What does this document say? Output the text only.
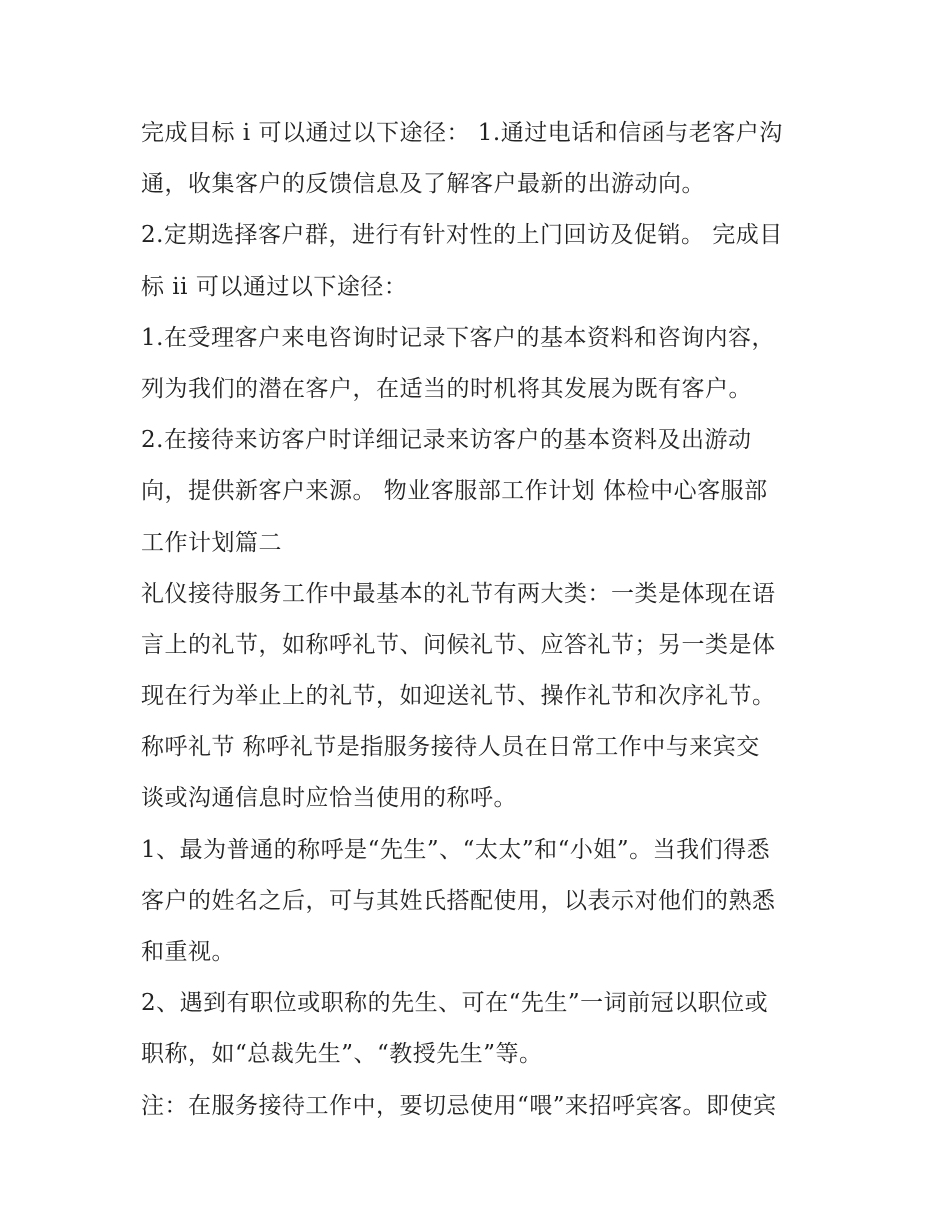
完成目标 i 可以通过以下途径： 1.通过电话和信函与老客户沟
通，收集客户的反馈信息及了解客户最新的出游动向。
2.定期选择客户群，进行有针对性的上门回访及促销。 完成目
标 ii 可以通过以下途径：
1.在受理客户来电咨询时记录下客户的基本资料和咨询内容，
列为我们的潜在客户，在适当的时机将其发展为既有客户。
2.在接待来访客户时详细记录来访客户的基本资料及出游动
向，提供新客户来源。 物业客服部工作计划 体检中心客服部
工作计划篇二
礼仪接待服务工作中最基本的礼节有两大类：一类是体现在语
言上的礼节，如称呼礼节、问候礼节、应答礼节；另一类是体
现在行为举止上的礼节，如迎送礼节、操作礼节和次序礼节。
称呼礼节 称呼礼节是指服务接待人员在日常工作中与来宾交
谈或沟通信息时应恰当使用的称呼。
1、最为普通的称呼是“先生”、“太太”和“小姐”。当我们得悉
客户的姓名之后，可与其姓氏搭配使用，以表示对他们的熟悉
和重视。
2、遇到有职位或职称的先生、可在“先生”一词前冠以职位或
职称，如“总裁先生”、“教授先生”等。
注：在服务接待工作中，要切忌使用“喂”来招呼宾客。即使宾
